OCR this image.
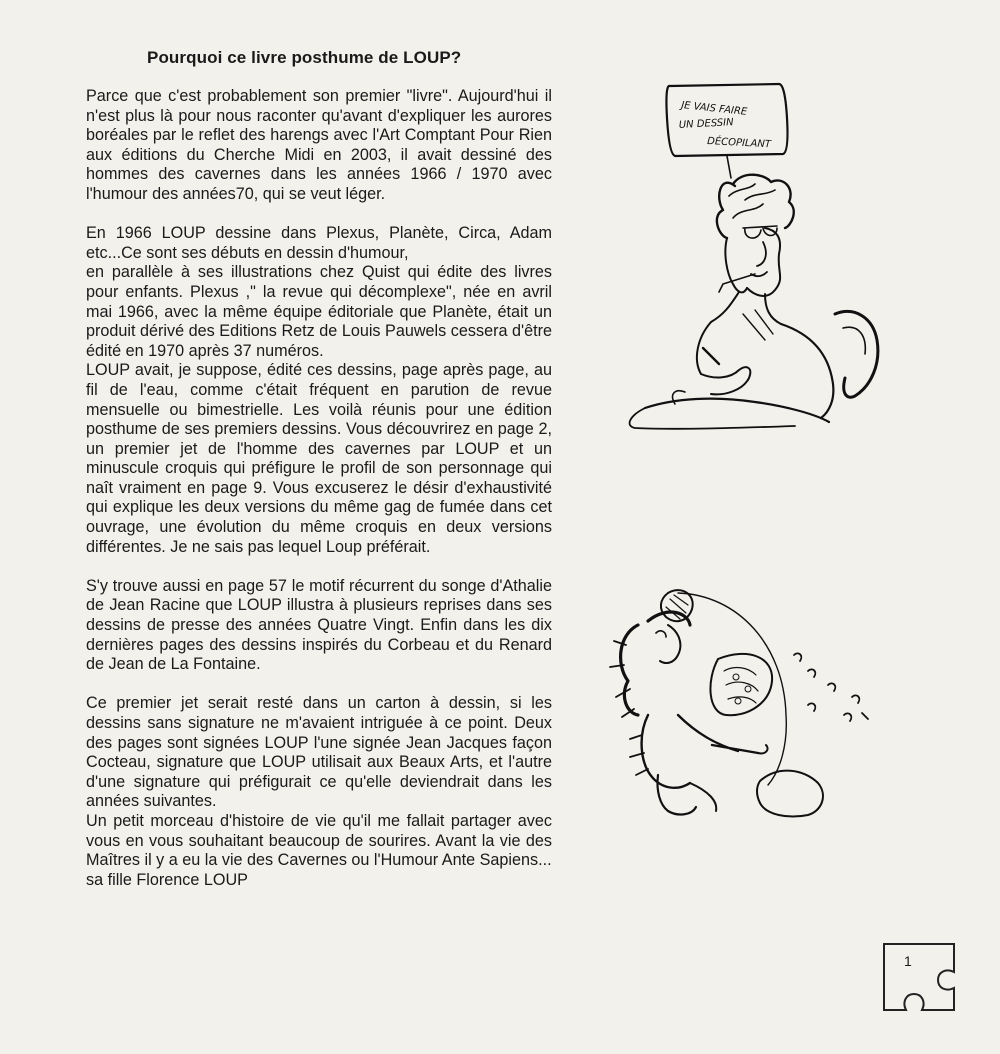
Pourquoi ce livre posthume de LOUP?

Parce que c'est probablement son premier "livre". Aujourd'hui il n'est plus là pour nous raconter qu'avant d'expliquer les aurores boréales par le reflet des harengs avec l'Art Comptant Pour Rien aux éditions du Cherche Midi en 2003, il avait dessiné des hommes des cavernes dans les années 1966 / 1970 avec l'humour des années70, qui se veut léger.

En 1966 LOUP dessine dans Plexus, Planète, Circa, Adam etc...Ce sont ses débuts en dessin d'humour,

en parallèle à ses illustrations chez Quist qui édite des livres pour enfants. Plexus ," la revue qui décomplexe", née en avril mai 1966, avec la même équipe éditoriale que Planète, était un produit dérivé des Editions Retz de Louis Pauwels cessera d'être édité en 1970 après 37 numéros.

LOUP avait, je suppose, édité ces dessins, page après page, au fil de l'eau, comme c'était fréquent en parution de revue mensuelle ou bimestrielle. Les voilà réunis pour une édition posthume de ses premiers dessins. Vous découvrirez en page 2, un premier jet de l'homme des cavernes par LOUP et un minuscule croquis qui préfigure le profil de son personnage qui naît vraiment en page 9. Vous excuserez le désir d'exhaustivité qui explique les deux versions du même gag de fumée dans cet ouvrage, une évolution du même croquis en deux versions différentes. Je ne sais pas lequel Loup préférait.

S'y trouve aussi en page 57 le motif récurrent du songe d'Athalie de Jean Racine que LOUP illustra à plusieurs reprises dans ses dessins de presse des années Quatre Vingt. Enfin dans les dix dernières pages des dessins inspirés du Corbeau et du Renard de Jean de La Fontaine.

Ce premier jet serait resté dans un carton à dessin, si les dessins sans signature ne m'avaient intriguée à ce point. Deux des pages sont signées LOUP l'une signée Jean Jacques façon Cocteau, signature que LOUP utilisait aux Beaux Arts, et l'autre d'une signature qui préfigurait ce qu'elle deviendrait dans les années suivantes.

Un petit morceau d'histoire de vie qu'il me fallait partager avec vous en vous souhaitant beaucoup de sourires. Avant la vie des Maîtres il y a eu la vie des Cavernes ou l'Humour Ante Sapiens...

sa fille Florence LOUP

JE VAIS FAIRE
UN DESSIN
DÉCOPILANT
1
